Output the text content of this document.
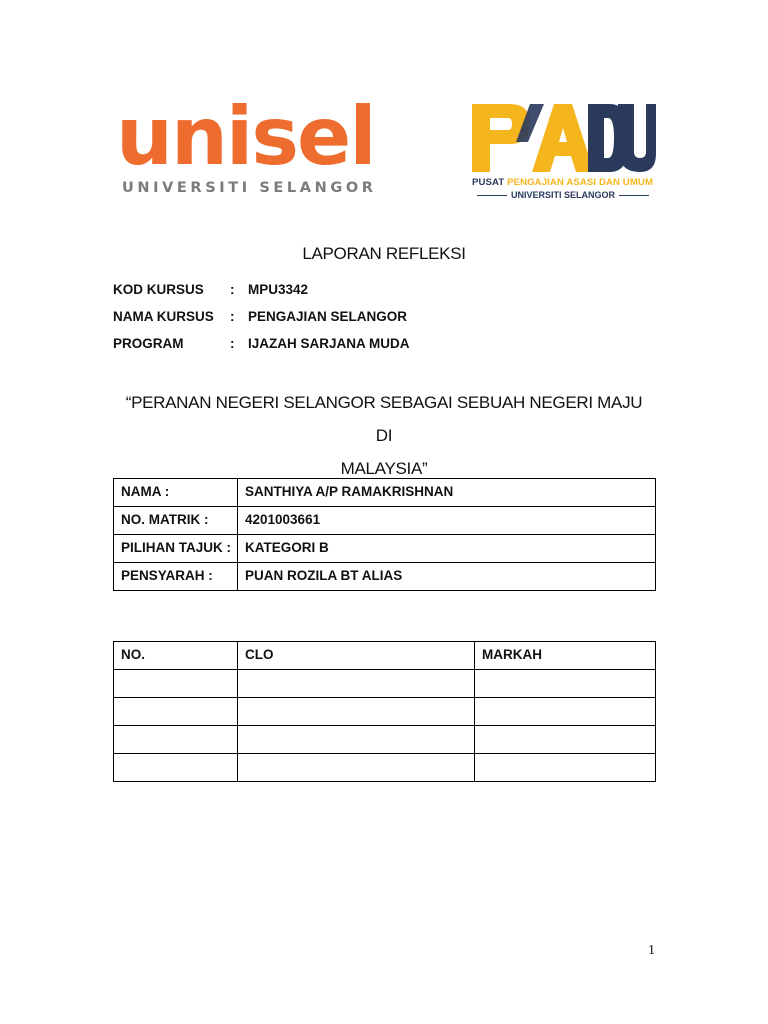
unisel
UNIVERSITI SELANGOR	PUSAT PENGAJIAN ASASI DAN UMUM
UNIVERSITI SELANGOR
LAPORAN REFLEKSI
KOD KURSUS	:	MPU3342
NAMA KURSUS	:	PENGAJIAN SELANGOR
PROGRAM	:	IJAZAH SARJANA MUDA
“PERANAN NEGERI SELANGOR SEBAGAI SEBUAH NEGERI MAJU DI
MALAYSIA”
NAMA :	SANTHIYA A/P RAMAKRISHNAN
NO. MATRIK :	4201003661
PILIHAN TAJUK :	KATEGORI B
PENSYARAH :	PUAN ROZILA BT ALIAS
NO.	CLO	MARKAH

1
